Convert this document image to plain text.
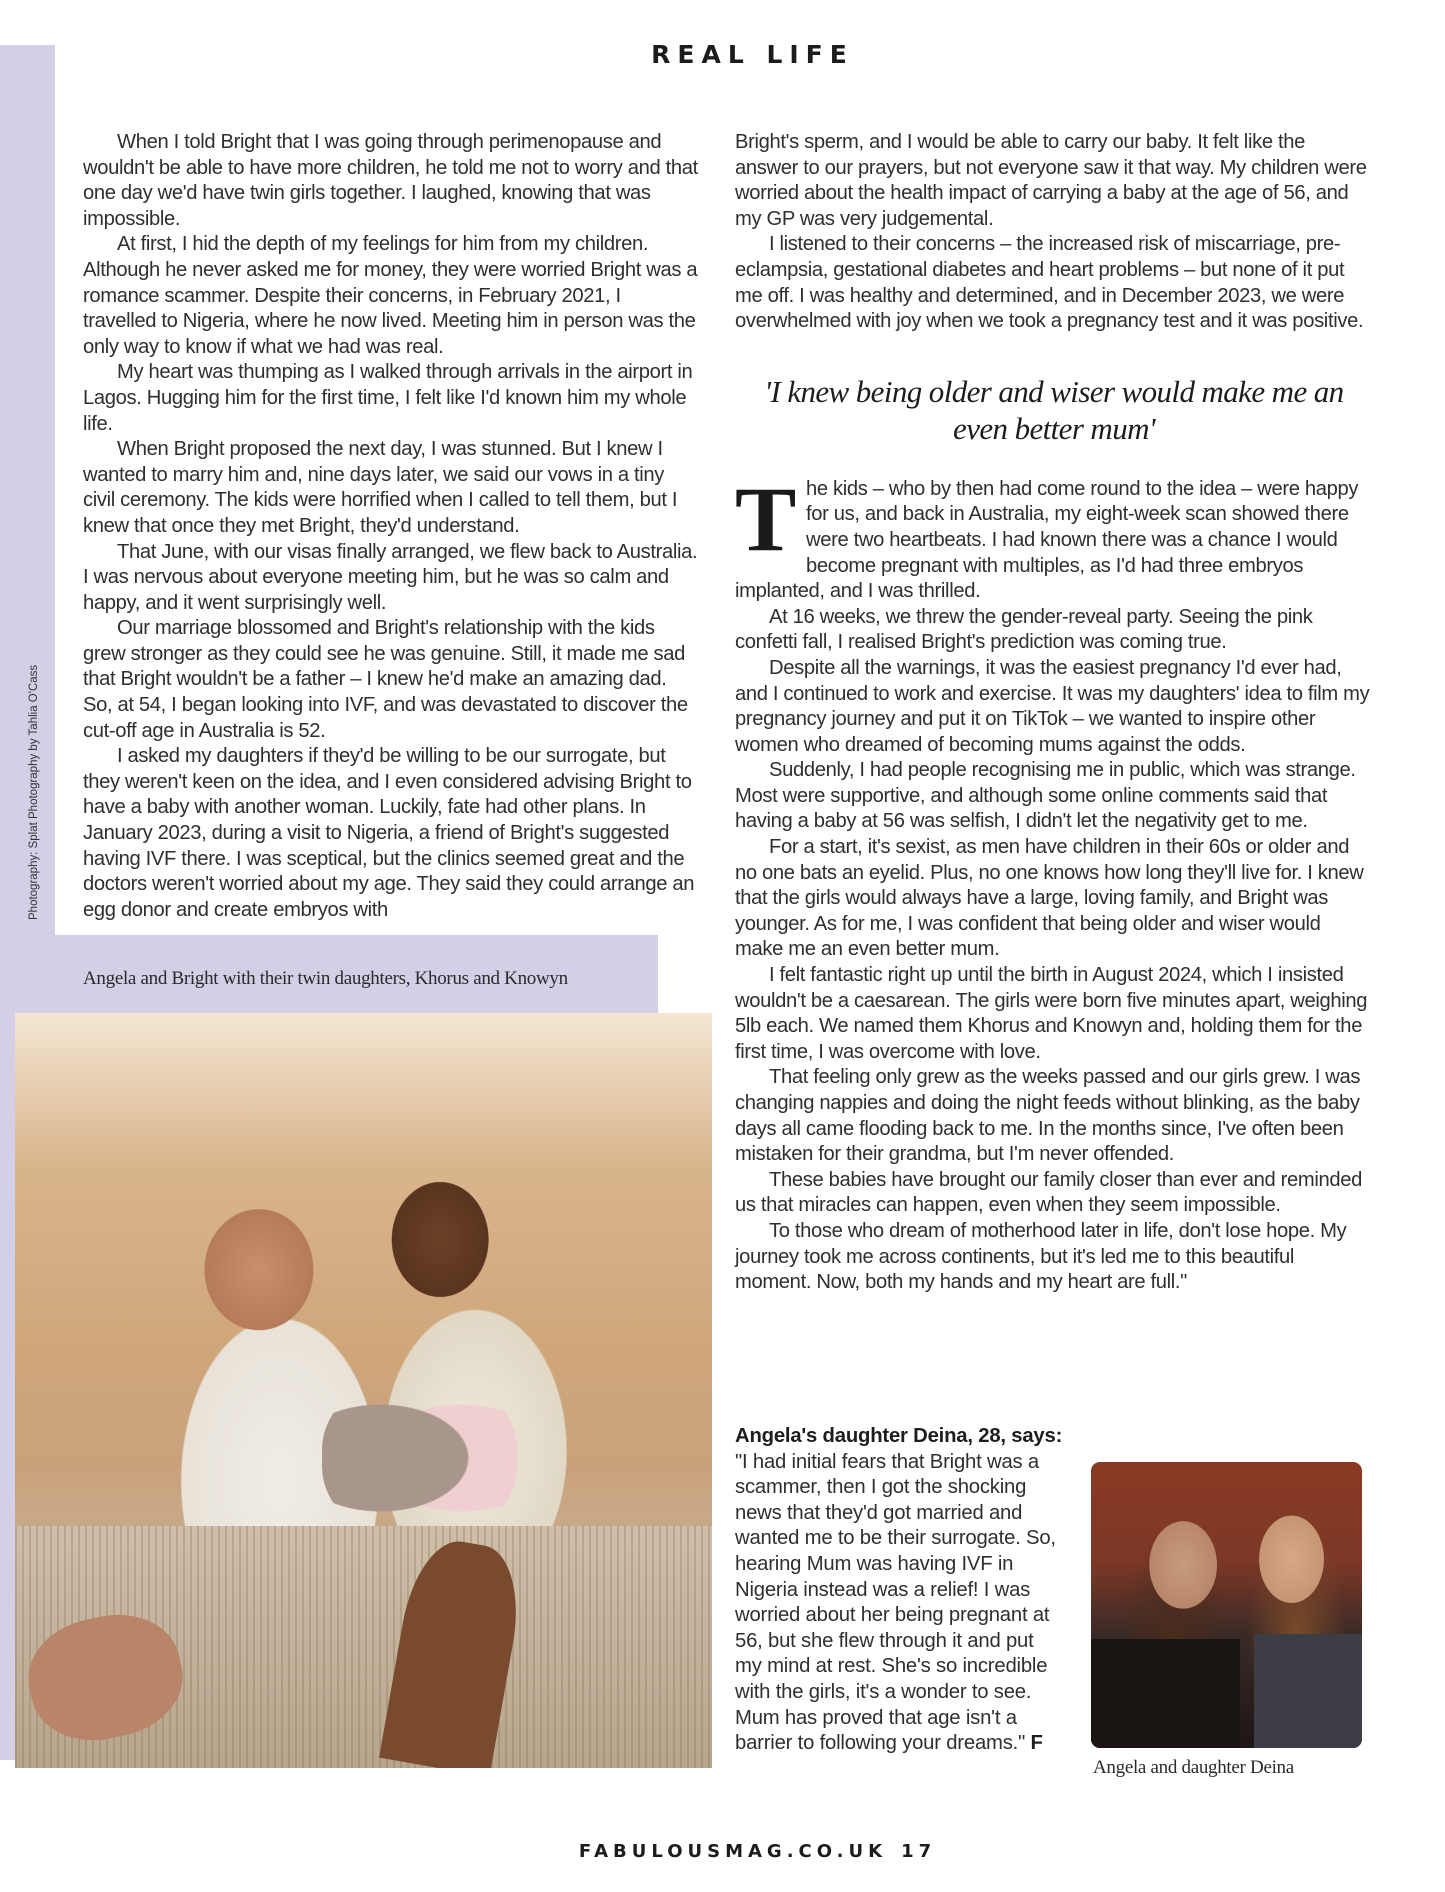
REAL LIFE
Photography: Splat Photography by Tahlia O'Cass

When I told Bright that I was going through perimenopause and wouldn't be able to have more children, he told me not to worry and that one day we'd have twin girls together. I laughed, knowing that was impossible.

At first, I hid the depth of my feelings for him from my children. Although he never asked me for money, they were worried Bright was a romance scammer. Despite their concerns, in February 2021, I travelled to Nigeria, where he now lived. Meeting him in person was the only way to know if what we had was real.

My heart was thumping as I walked through arrivals in the airport in Lagos. Hugging him for the first time, I felt like I'd known him my whole life.

When Bright proposed the next day, I was stunned. But I knew I wanted to marry him and, nine days later, we said our vows in a tiny civil ceremony. The kids were horrified when I called to tell them, but I knew that once they met Bright, they'd understand.

That June, with our visas finally arranged, we flew back to Australia. I was nervous about everyone meeting him, but he was so calm and happy, and it went surprisingly well.

Our marriage blossomed and Bright's relationship with the kids grew stronger as they could see he was genuine. Still, it made me sad that Bright wouldn't be a father – I knew he'd make an amazing dad. So, at 54, I began looking into IVF, and was devastated to discover the cut-off age in Australia is 52.

I asked my daughters if they'd be willing to be our surrogate, but they weren't keen on the idea, and I even considered advising Bright to have a baby with another woman. Luckily, fate had other plans. In January 2023, during a visit to Nigeria, a friend of Bright's suggested having IVF there. I was sceptical, but the clinics seemed great and the doctors weren't worried about my age. They said they could arrange an egg donor and create embryos with

Bright's sperm, and I would be able to carry our baby. It felt like the answer to our prayers, but not everyone saw it that way. My children were worried about the health impact of carrying a baby at the age of 56, and my GP was very judgemental.

I listened to their concerns – the increased risk of miscarriage, pre-eclampsia, gestational diabetes and heart problems – but none of it put me off. I was healthy and determined, and in December 2023, we were overwhelmed with joy when we took a pregnancy test and it was positive.

'I knew being older and wiser would make me an even better mum'

The kids – who by then had come round to the idea – were happy for us, and back in Australia, my eight-week scan showed there were two heartbeats. I had known there was a chance I would become pregnant with multiples, as I'd had three embryos implanted, and I was thrilled.

At 16 weeks, we threw the gender-reveal party. Seeing the pink confetti fall, I realised Bright's prediction was coming true.

Despite all the warnings, it was the easiest pregnancy I'd ever had, and I continued to work and exercise. It was my daughters' idea to film my pregnancy journey and put it on TikTok – we wanted to inspire other women who dreamed of becoming mums against the odds.

Suddenly, I had people recognising me in public, which was strange. Most were supportive, and although some online comments said that having a baby at 56 was selfish, I didn't let the negativity get to me.

For a start, it's sexist, as men have children in their 60s or older and no one bats an eyelid. Plus, no one knows how long they'll live for. I knew that the girls would always have a large, loving family, and Bright was younger. As for me, I was confident that being older and wiser would make me an even better mum.

I felt fantastic right up until the birth in August 2024, which I insisted wouldn't be a caesarean. The girls were born five minutes apart, weighing 5lb each. We named them Khorus and Knowyn and, holding them for the first time, I was overcome with love.

That feeling only grew as the weeks passed and our girls grew. I was changing nappies and doing the night feeds without blinking, as the baby days all came flooding back to me. In the months since, I've often been mistaken for their grandma, but I'm never offended.

These babies have brought our family closer than ever and reminded us that miracles can happen, even when they seem impossible.

To those who dream of motherhood later in life, don't lose hope. My journey took me across continents, but it's led me to this beautiful moment. Now, both my hands and my heart are full."

Angela and Bright with their twin daughters, Khorus and Knowyn
Angela's daughter Deina, 28, says: "I had initial fears that Bright was a scammer, then I got the shocking news that they'd got married and wanted me to be their surrogate. So, hearing Mum was having IVF in Nigeria instead was a relief! I was worried about her being pregnant at 56, but she flew through it and put my mind at rest. She's so incredible with the girls, it's a wonder to see. Mum has proved that age isn't a barrier to following your dreams." F
Angela and daughter Deina
FABULOUSMAG.CO.UK 17
